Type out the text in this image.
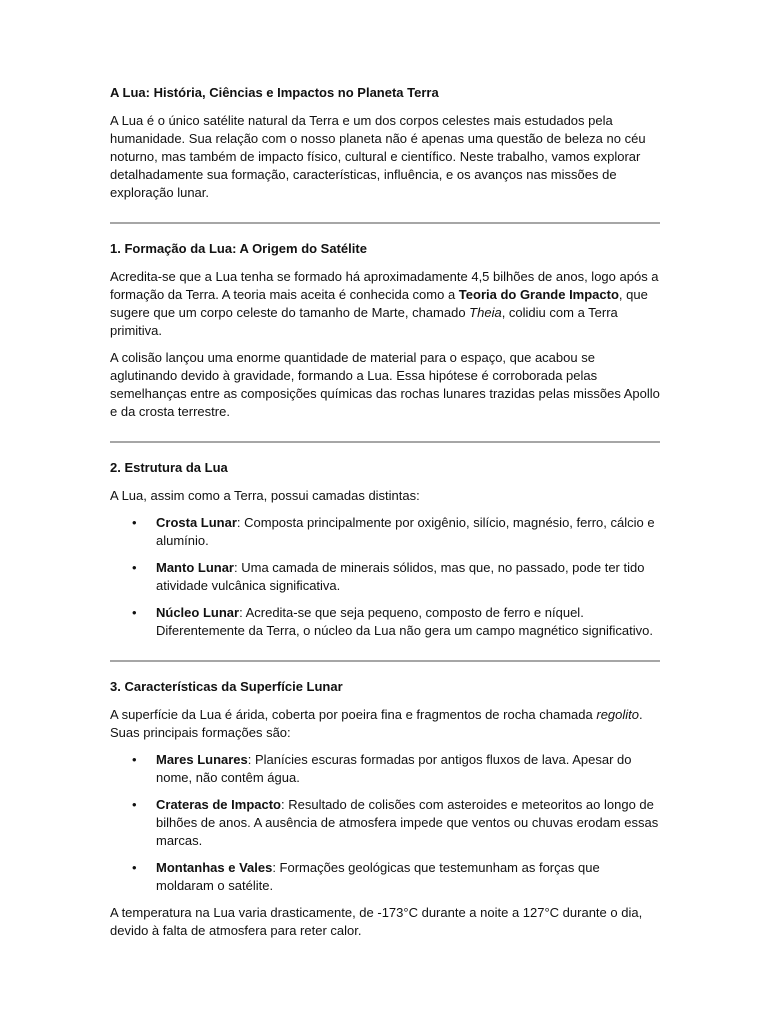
A Lua: História, Ciências e Impactos no Planeta Terra

A Lua é o único satélite natural da Terra e um dos corpos celestes mais estudados pela humanidade. Sua relação com o nosso planeta não é apenas uma questão de beleza no céu noturno, mas também de impacto físico, cultural e científico. Neste trabalho, vamos explorar detalhadamente sua formação, características, influência, e os avanços nas missões de exploração lunar.

1. Formação da Lua: A Origem do Satélite

Acredita-se que a Lua tenha se formado há aproximadamente 4,5 bilhões de anos, logo após a formação da Terra. A teoria mais aceita é conhecida como a Teoria do Grande Impacto, que sugere que um corpo celeste do tamanho de Marte, chamado Theia, colidiu com a Terra primitiva.

A colisão lançou uma enorme quantidade de material para o espaço, que acabou se aglutinando devido à gravidade, formando a Lua. Essa hipótese é corroborada pelas semelhanças entre as composições químicas das rochas lunares trazidas pelas missões Apollo e da crosta terrestre.

2. Estrutura da Lua

A Lua, assim como a Terra, possui camadas distintas:

• Crosta Lunar: Composta principalmente por oxigênio, silício, magnésio, ferro, cálcio e alumínio.
• Manto Lunar: Uma camada de minerais sólidos, mas que, no passado, pode ter tido atividade vulcânica significativa.
• Núcleo Lunar: Acredita-se que seja pequeno, composto de ferro e níquel. Diferentemente da Terra, o núcleo da Lua não gera um campo magnético significativo.
3. Características da Superfície Lunar

A superfície da Lua é árida, coberta por poeira fina e fragmentos de rocha chamada regolito. Suas principais formações são:

• Mares Lunares: Planícies escuras formadas por antigos fluxos de lava. Apesar do nome, não contêm água.
• Crateras de Impacto: Resultado de colisões com asteroides e meteoritos ao longo de bilhões de anos. A ausência de atmosfera impede que ventos ou chuvas erodam essas marcas.
• Montanhas e Vales: Formações geológicas que testemunham as forças que moldaram o satélite.

A temperatura na Lua varia drasticamente, de -173°C durante a noite a 127°C durante o dia, devido à falta de atmosfera para reter calor.
